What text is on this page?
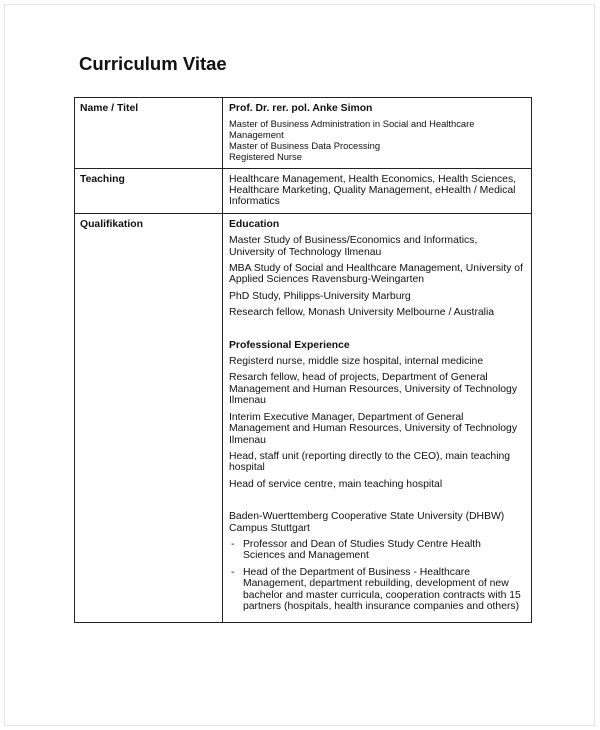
Curriculum Vitae
Name / Titel	Prof. Dr. rer. pol. Anke Simon
Master of Business Administration in Social and Healthcare Management
Master of Business Data Processing
Registered Nurse

Teaching	Healthcare Management, Health Economics, Health Sciences,
Healthcare Marketing, Quality Management, eHealth / Medical Informatics

Qualifikation	Education
Master Study of Business/Economics and Informatics, University of Technology Ilmenau
MBA Study of Social and Healthcare Management, University of Applied Sciences Ravensburg-Weingarten
PhD Study, Philipps-University Marburg
Research fellow, Monash University Melbourne / Australia
Professional Experience
Registerd nurse, middle size hospital, internal medicine
Resarch fellow, head of projects, Department of General Management and Human Resources, University of Technology Ilmenau
Interim Executive Manager, Department of General Management and Human Resources, University of Technology Ilmenau
Head, staff unit (reporting directly to the CEO), main teaching hospital
Head of service centre, main teaching hospital
Baden-Wuerttemberg Cooperative State University (DHBW) Campus Stuttgart
- Professor and Dean of Studies Study Centre Health Sciences and Management
- Head of the Department of Business - Healthcare Management, department rebuilding, development of new bachelor and master curricula, cooperation contracts with 15 partners (hospitals, health insurance companies and others)
